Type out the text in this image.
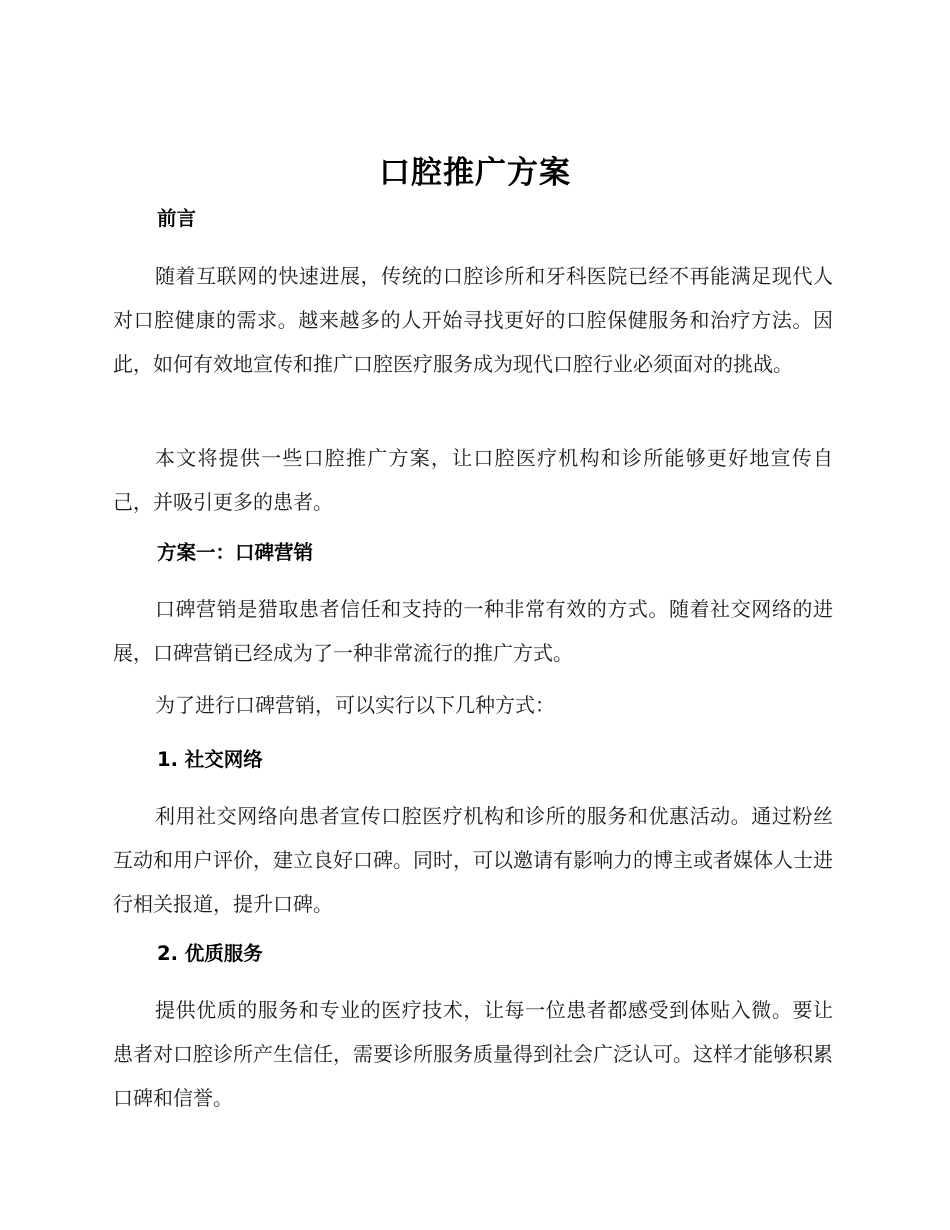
口腔推广方案
前言
随着互联网的快速进展，传统的口腔诊所和牙科医院已经不再能满足现代人对口腔健康的需求。越来越多的人开始寻找更好的口腔保健服务和治疗方法。因此，如何有效地宣传和推广口腔医疗服务成为现代口腔行业必须面对的挑战。
本文将提供一些口腔推广方案，让口腔医疗机构和诊所能够更好地宣传自己，并吸引更多的患者。
方案一：口碑营销
口碑营销是猎取患者信任和支持的一种非常有效的方式。随着社交网络的进展，口碑营销已经成为了一种非常流行的推广方式。
为了进行口碑营销，可以实行以下几种方式：
1. 社交网络
利用社交网络向患者宣传口腔医疗机构和诊所的服务和优惠活动。通过粉丝互动和用户评价，建立良好口碑。同时，可以邀请有影响力的博主或者媒体人士进行相关报道，提升口碑。
2. 优质服务
提供优质的服务和专业的医疗技术，让每一位患者都感受到体贴入微。要让患者对口腔诊所产生信任，需要诊所服务质量得到社会广泛认可。这样才能够积累口碑和信誉。
